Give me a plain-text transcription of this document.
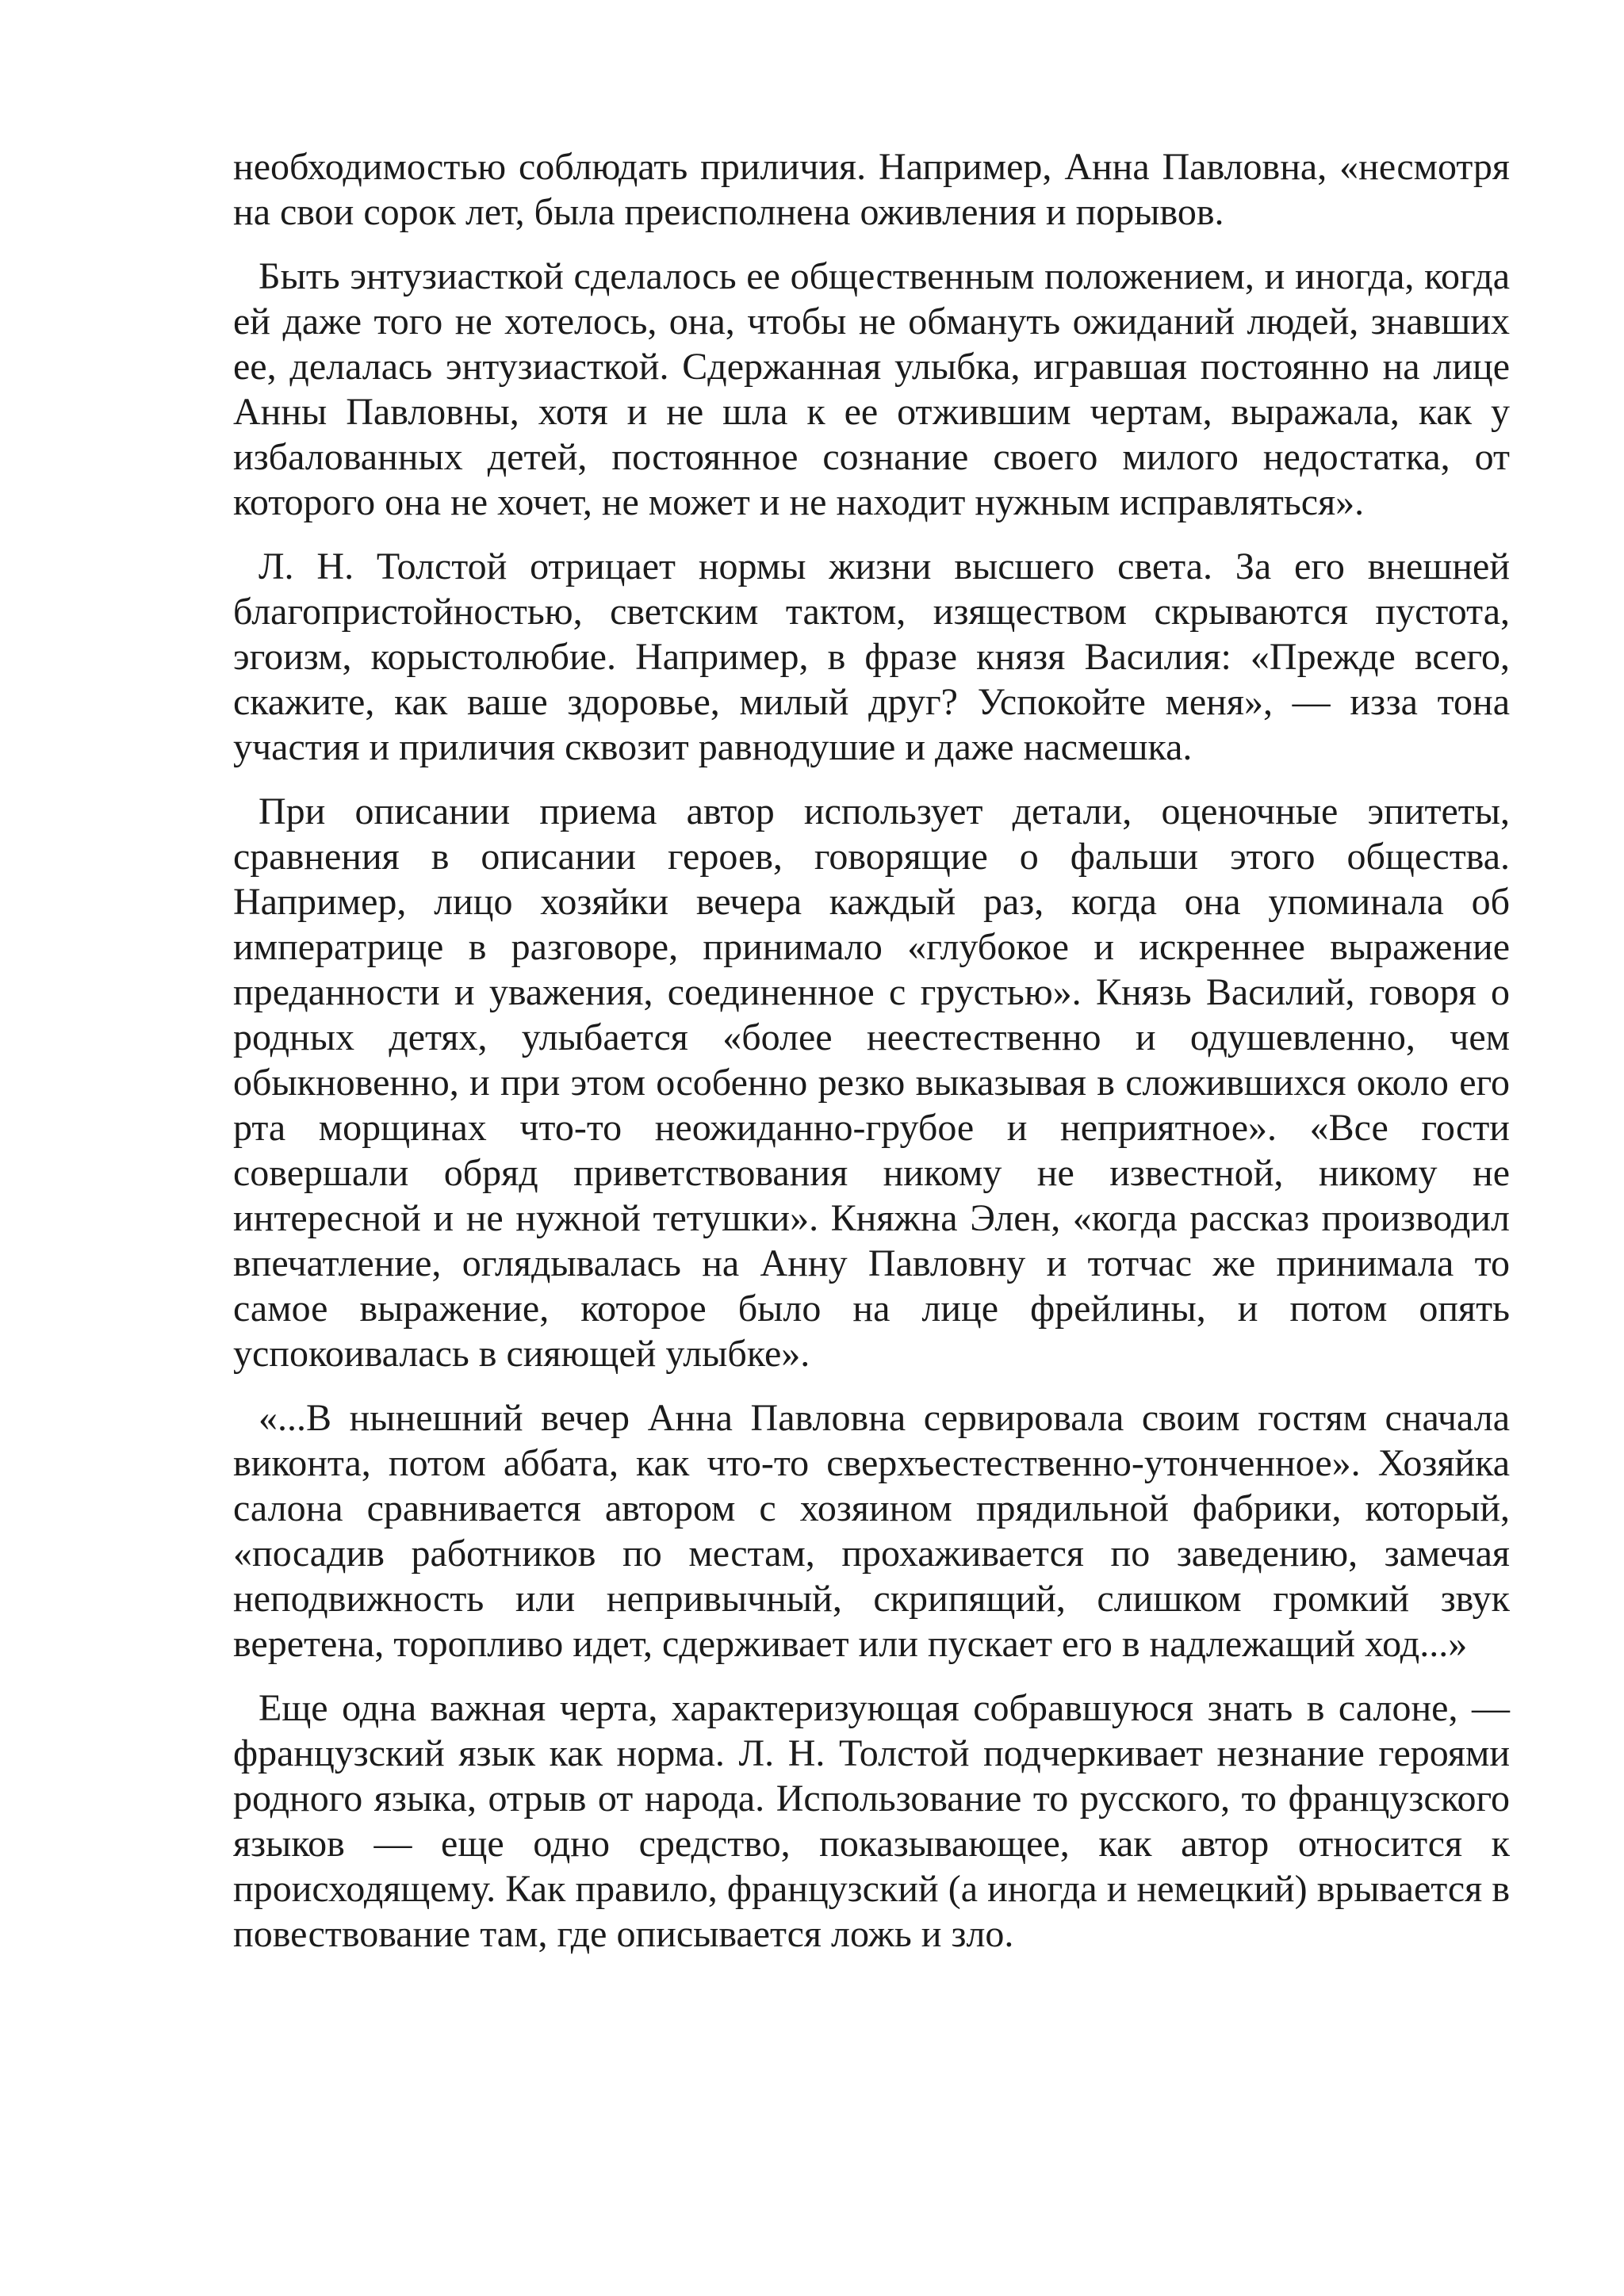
необходимостью соблюдать приличия. Например, Анна Павловна, «несмотря на свои сорок лет, была преисполнена оживления и порывов.

Быть энтузиасткой сделалось ее общественным положением, и иногда, когда ей даже того не хотелось, она, чтобы не обмануть ожиданий людей, знавших ее, делалась энтузиасткой. Сдержанная улыбка, игравшая постоянно на лице Анны Павловны, хотя и не шла к ее отжившим чертам, выражала, как у избалованных детей, постоянное сознание своего милого недостатка, от которого она не хочет, не может и не находит нужным исправляться».

Л. Н. Толстой отрицает нормы жизни высшего света. За его внешней благопристойностью, светским тактом, изяществом скрываются пустота, эгоизм, корыстолюбие. Например, в фразе князя Василия: «Прежде всего, скажите, как ваше здоровье, милый друг? Успокойте меня», — изза тона участия и приличия сквозит равнодушие и даже насмешка.

При описании приема автор использует детали, оценочные эпитеты, сравнения в описании героев, говорящие о фальши этого общества. Например, лицо хозяйки вечера каждый раз, когда она упоминала об императрице в разговоре, принимало «глубокое и искреннее выражение преданности и уважения, соединенное с грустью». Князь Василий, говоря о родных детях, улыбается «более неестественно и одушевленно, чем обыкновенно, и при этом особенно резко выказывая в сложившихся около его рта морщинах что-то неожиданно-грубое и неприятное». «Все гости совершали обряд приветствования никому не известной, никому не интересной и не нужной тетушки». Княжна Элен, «когда рассказ производил впечатление, оглядывалась на Анну Павловну и тотчас же принимала то самое выражение, которое было на лице фрейлины, и потом опять успокоивалась в сияющей улыбке».

«...В нынешний вечер Анна Павловна сервировала своим гостям сначала виконта, потом аббата, как что-то сверхъестественно-утонченное». Хозяйка салона сравнивается автором с хозяином прядильной фабрики, который, «посадив работников по местам, прохаживается по заведению, замечая неподвижность или непривычный, скрипящий, слишком громкий звук веретена, торопливо идет, сдерживает или пускает его в надлежащий ход...»

Еще одна важная черта, характеризующая собравшуюся знать в салоне, — французский язык как норма. Л. Н. Толстой подчеркивает незнание героями родного языка, отрыв от народа. Использование то русского, то французского языков — еще одно средство, показывающее, как автор относится к происходящему. Как правило, французский (а иногда и немецкий) врывается в повествование там, где описывается ложь и зло.
